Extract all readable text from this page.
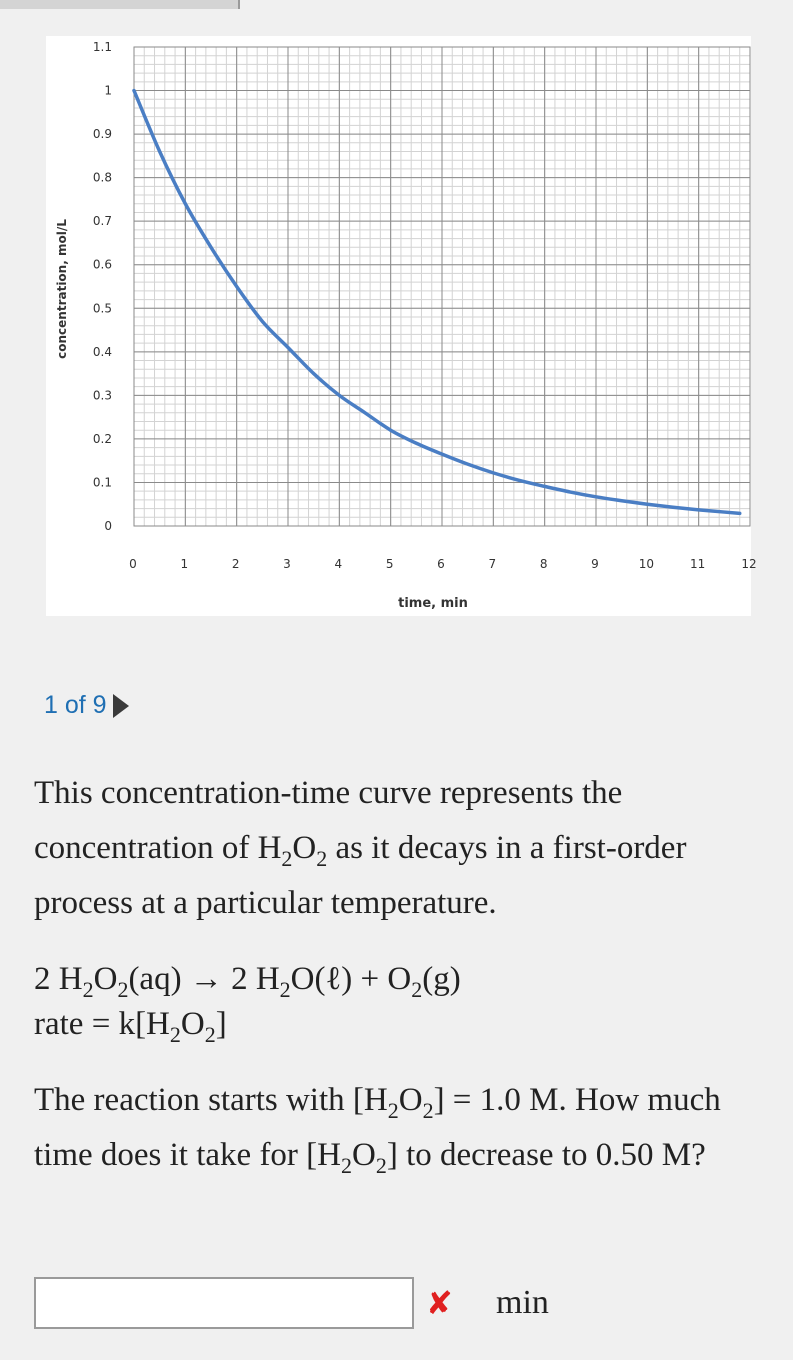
0
0.1
0.2
0.3
0.4
0.5
0.6
0.7
0.8
0.9
1
1.1
0	1	2	3	4	5	6	7	8	9	10	11	12
time, min
concentration, mol/L
1 of 9

This concentration-time curve represents the concentration of $H_2O_2$ as it decays in a first-order process at a particular temperature.

2 $H_2O_2(aq) \to 2$ $H_2O(\ell) + O_2(g)$
rate = $k[H_2O_2]$

The reaction starts with $[H_2O_2] = 1.0$ M. How much time does it take for $[H_2O_2]$ to decrease to 0.50 M?

✘ min
